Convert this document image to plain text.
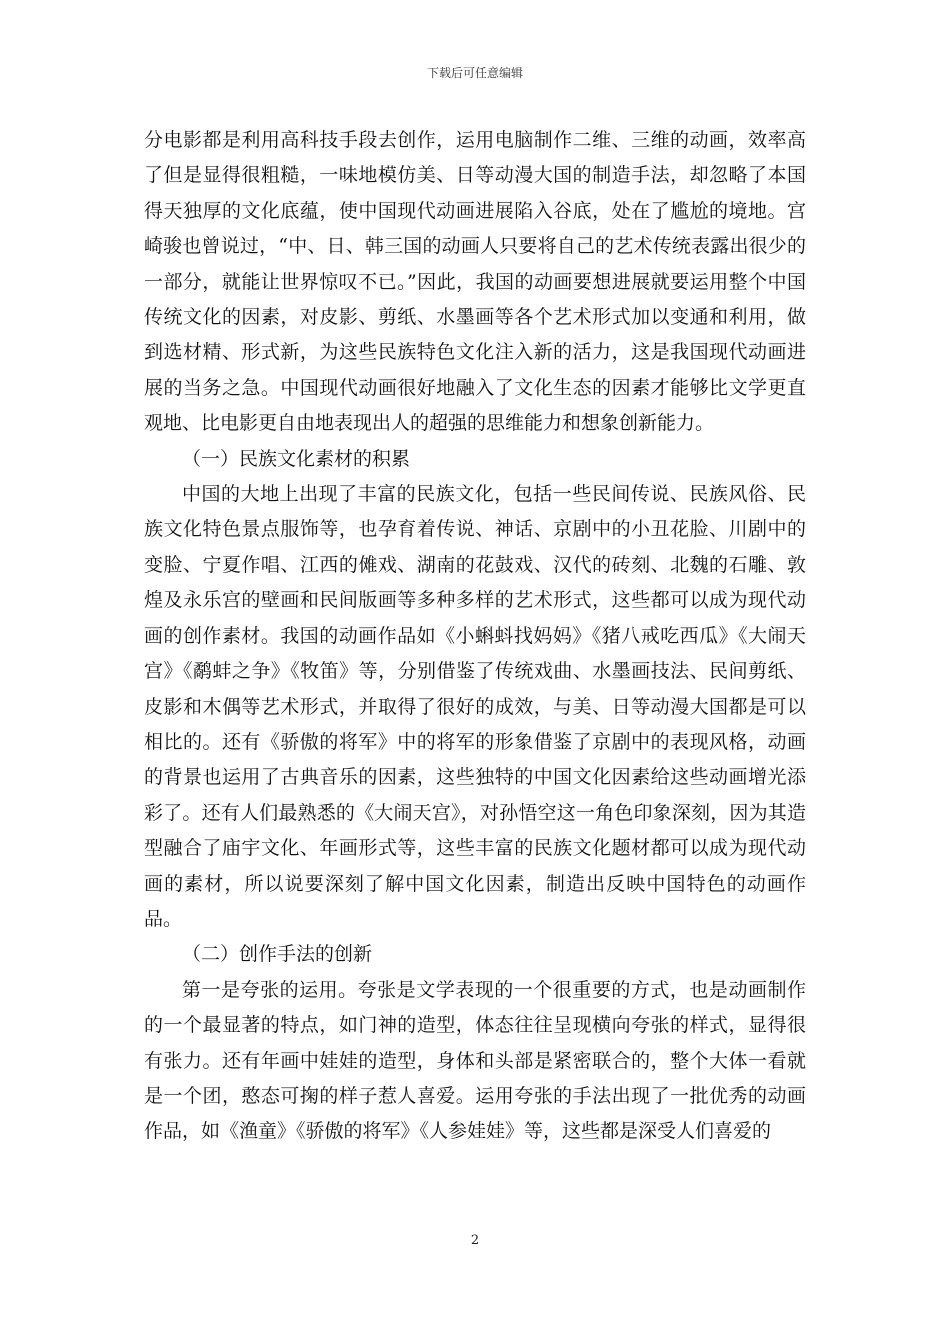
下载后可任意编辑

分电影都是利用高科技手段去创作，运用电脑制作二维、三维的动画，效率高了但是显得很粗糙，一味地模仿美、日等动漫大国的制造手法，却忽略了本国得天独厚的文化底蕴，使中国现代动画进展陷入谷底，处在了尴尬的境地。宫崎骏也曾说过，“中、日、韩三国的动画人只要将自己的艺术传统表露出很少的一部分，就能让世界惊叹不已。”因此，我国的动画要想进展就要运用整个中国传统文化的因素，对皮影、剪纸、水墨画等各个艺术形式加以变通和利用，做到选材精、形式新，为这些民族特色文化注入新的活力，这是我国现代动画进展的当务之急。中国现代动画很好地融入了文化生态的因素才能够比文学更直观地、比电影更自由地表现出人的超强的思维能力和想象创新能力。

（一）民族文化素材的积累

中国的大地上出现了丰富的民族文化，包括一些民间传说、民族风俗、民族文化特色景点服饰等，也孕育着传说、神话、京剧中的小丑花脸、川剧中的变脸、宁夏作唱、江西的傩戏、湖南的花鼓戏、汉代的砖刻、北魏的石雕、敦煌及永乐宫的壁画和民间版画等多种多样的艺术形式，这些都可以成为现代动画的创作素材。我国的动画作品如《小蝌蚪找妈妈》《猪八戒吃西瓜》《大闹天宫》《鹬蚌之争》《牧笛》等，分别借鉴了传统戏曲、水墨画技法、民间剪纸、皮影和木偶等艺术形式，并取得了很好的成效，与美、日等动漫大国都是可以相比的。还有《骄傲的将军》中的将军的形象借鉴了京剧中的表现风格，动画的背景也运用了古典音乐的因素，这些独特的中国文化因素给这些动画增光添彩了。还有人们最熟悉的《大闹天宫》，对孙悟空这一角色印象深刻，因为其造型融合了庙宇文化、年画形式等，这些丰富的民族文化题材都可以成为现代动画的素材，所以说要深刻了解中国文化因素，制造出反映中国特色的动画作品。

（二）创作手法的创新

第一是夸张的运用。夸张是文学表现的一个很重要的方式，也是动画制作的一个最显著的特点，如门神的造型，体态往往呈现横向夸张的样式，显得很有张力。还有年画中娃娃的造型，身体和头部是紧密联合的，整个大体一看就是一个团，憨态可掬的样子惹人喜爱。运用夸张的手法出现了一批优秀的动画作品，如《渔童》《骄傲的将军》《人参娃娃》等，这些都是深受人们喜爱的

2
